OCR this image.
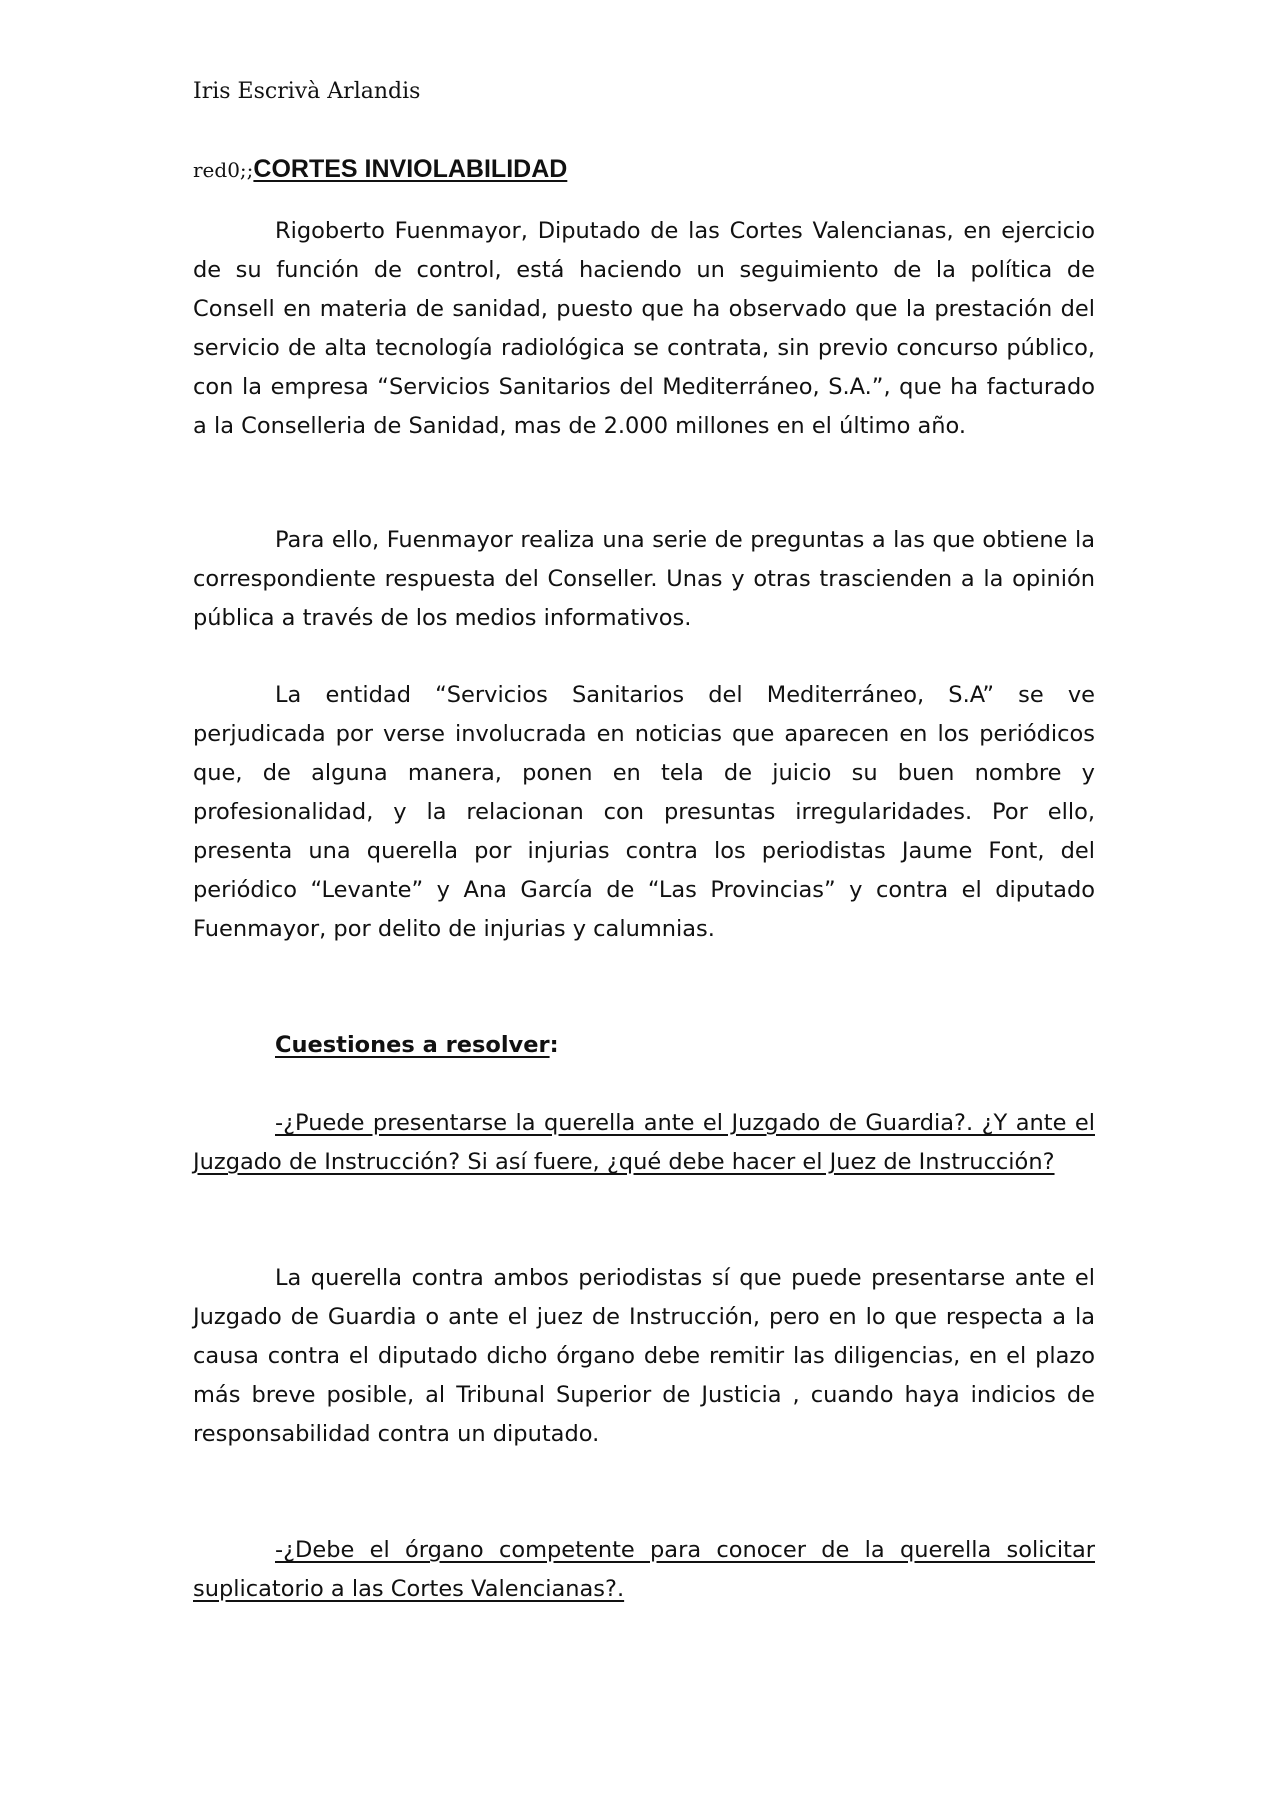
Iris Escrivà Arlandis
red0;;CORTES INVIOLABILIDAD

Rigoberto Fuenmayor, Diputado de las Cortes Valencianas, en ejercicio de su función de control, está haciendo un seguimiento de la política de Consell en materia de sanidad, puesto que ha observado que la prestación del servicio de alta tecnología radiológica se contrata, sin previo concurso público, con la empresa “Servicios Sanitarios del Mediterráneo, S.A.”, que ha facturado a la Conselleria de Sanidad, mas de 2.000 millones en el último año.

Para ello, Fuenmayor realiza una serie de preguntas a las que obtiene la correspondiente respuesta del Conseller. Unas y otras trascienden a la opinión pública a través de los medios informativos.

La entidad “Servicios Sanitarios del Mediterráneo, S.A” se ve perjudicada por verse involucrada en noticias que aparecen en los periódicos que, de alguna manera, ponen en tela de juicio su buen nombre y profesionalidad, y la relacionan con presuntas irregularidades. Por ello, presenta una querella por injurias contra los periodistas Jaume Font, del periódico “Levante” y Ana García de “Las Provincias” y contra el diputado Fuenmayor, por delito de injurias y calumnias.

Cuestiones a resolver:

-¿Puede presentarse la querella ante el Juzgado de Guardia?. ¿Y ante el Juzgado de Instrucción? Si así fuere, ¿qué debe hacer el Juez de Instrucción?

La querella contra ambos periodistas sí que puede presentarse ante el Juzgado de Guardia o ante el juez de Instrucción, pero en lo que respecta a la causa contra el diputado dicho órgano debe remitir las diligencias, en el plazo más breve posible, al Tribunal Superior de Justicia , cuando haya indicios de responsabilidad contra un diputado.

-¿Debe el órgano competente para conocer de la querella solicitar suplicatorio a las Cortes Valencianas?.
